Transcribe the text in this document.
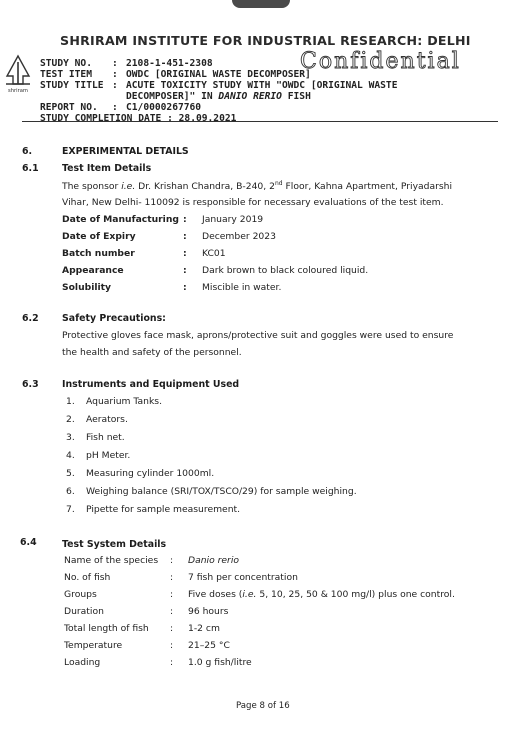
SHRIRAM INSTITUTE FOR INDUSTRIAL RESEARCH: DELHI
shriram
Confidential
STUDY NO. : 2108-1-451-2308
TEST ITEM : OWDC [ORIGINAL WASTE DECOMPOSER]
STUDY TITLE : ACUTE TOXICITY STUDY WITH "OWDC [ORIGINAL WASTE
DECOMPOSER]" IN DANIO RERIO FISH
REPORT NO. : C1/0000267760
STUDY COMPLETION DATE : 28.09.2021
6.	EXPERIMENTAL DETAILS
6.1 Test Item Details
The sponsor i.e. Dr. Krishan Chandra, B-240, 2nd Floor, Kahna Apartment, Priyadarshi
Vihar, New Delhi- 110092 is responsible for necessary evaluations of the test item.
Date of Manufacturing : January 2019
Date of Expiry	: December 2023
Batch number	: KC01
Appearance	: Dark brown to black coloured liquid.
Solubility	: Miscible in water.
6.2 Safety Precautions:
Protective gloves face mask, aprons/protective suit and goggles were used to ensure
the health and safety of the personnel.
6.3 Instruments and Equipment Used
1. Aquarium Tanks.
2. Aerators.
3. Fish net.
4. pH Meter.
5. Measuring cylinder 1000ml.
6. Weighing balance (SRI/TOX/TSCO/29) for sample weighing.
7. Pipette for sample measurement.
6.4	Test System Details
Name of the species : Danio rerio
No. of fish	: 7 fish per concentration
Groups	: Five doses (i.e. 5, 10, 25, 50 & 100 mg/l) plus one control.
Duration	: 96 hours
Total length of fish : 1-2 cm
Temperature	: 21–25 °C
Loading	: 1.0 g fish/litre
Page 8 of 16
